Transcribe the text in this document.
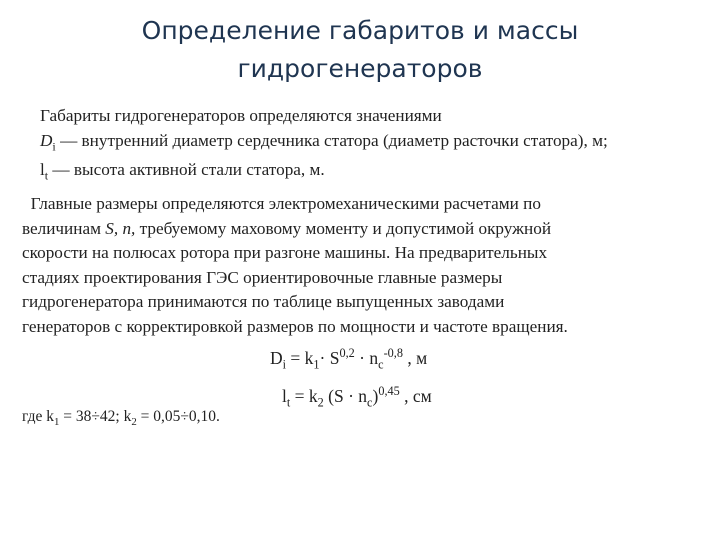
Определение габаритов и массы
гидрогенераторов
Габариты гидрогенераторов определяются значениями
$D_i$ — внутренний диаметр сердечника статора (диаметр расточки статора), м;
$l_t$ — высота активной стали статора, м.
Главные размеры определяются электромеханическими расчетами по
величинам S, n, требуемому маховому моменту и допустимой окружной
скорости на полюсах ротора при разгоне машины. На предварительных
стадиях проектирования ГЭС ориентировочные главные размеры
гидрогенератора принимаются по таблице выпущенных заводами
генераторов с корректировкой размеров по мощности и частоте вращения.
$D_i = k_1\cdot S^{0,2} \cdot n_c^{-0,8}$ , м
$l_t = k_2$ $(S \cdot n_c)^{0,45}$ , см
где $k_1 = 38\div 42$; $k_2 = 0,05\div 0,10$.
